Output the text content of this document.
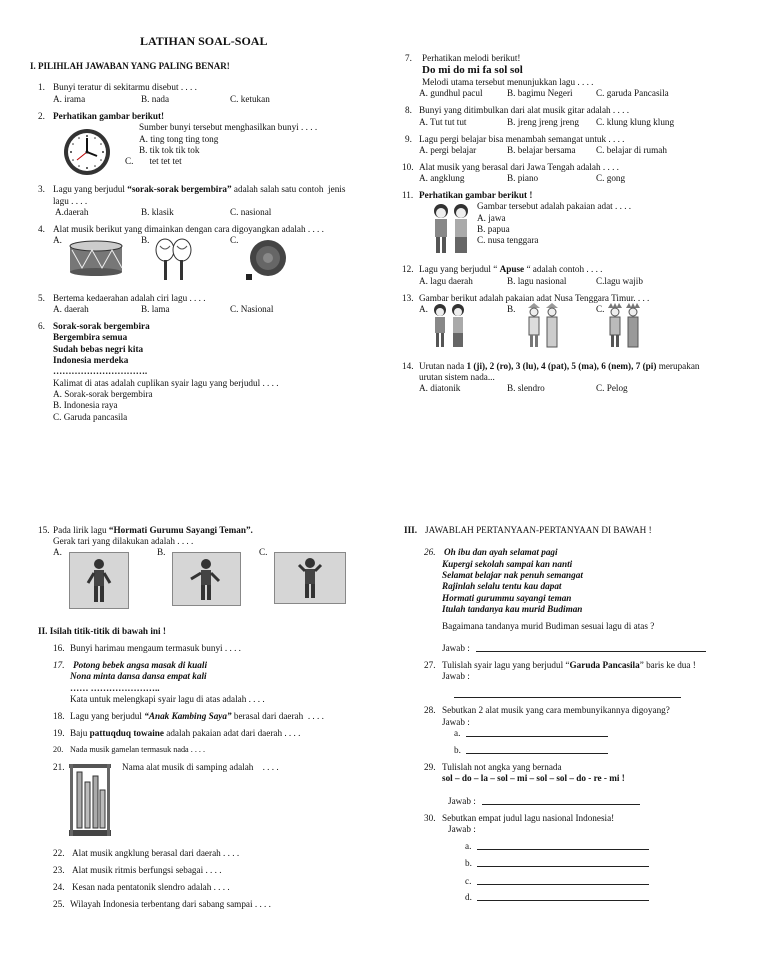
LATIHAN SOAL-SOAL
I. PILIHLAH JAWABAN YANG PALING BENAR!
1. Bunyi teratur di sekitarmu disebut . . . .
A. irama	B. nada	C. ketukan
2. Perhatikan gambar berikut!
Sumber bunyi tersebut menghasilkan bunyi . . . .
A. ting tong ting tong
B. tik tok tik tok
C.       tet tet tet
3. Lagu yang berjudul “sorak-sorak bergembira” adalah salah satu contoh  jenis
lagu . . . .
A.daerah	B. klasik	C. nasional
4. Alat musik berikut yang dimainkan dengan cara digoyangkan adalah . . . .
A.	B.	C.
5. Bertema kedaerahan adalah ciri lagu . . . .
A. daerah	B. lama	C. Nasional
6. Sorak-sorak bergembira
Bergembira semua
Sudah bebas negri kita
Indonesia merdeka
………………………….
Kalimat di atas adalah cuplikan syair lagu yang berjudul . . . .
A. Sorak-sorak bergembira
B. Indonesia raya
C. Garuda pancasila
7. Perhatikan melodi berikut!
Do mi do mi fa sol sol
Melodi utama tersebut menunjukkan lagu . . . .
A. gundhul pacul	B. bagimu Negeri	C. garuda Pancasila
8. Bunyi yang ditimbulkan dari alat musik gitar adalah . . . .
A. Tut tut tut	B. jreng jreng jreng C. klung klung klung
9. Lagu pergi belajar bisa menambah semangat untuk . . . .
A. pergi belajar	B. belajar bersama C. belajar di rumah
10. Alat musik yang berasal dari Jawa Tengah adalah . . . .
A. angklung	B. piano	C. gong
11. Perhatikan gambar berikut !
Gambar tersebut adalah pakaian adat . . . .
A. jawa
B. papua
C. nusa tenggara
12. Lagu yang berjudul “ Apuse “ adalah contoh . . . .
A. lagu daerah	B. lagu nasional	C.lagu wajib
13. Gambar berikut adalah pakaian adat Nusa Tenggara Timur. . . .
A.	B.	C.
14. Urutan nada 1 (ji), 2 (ro), 3 (lu), 4 (pat), 5 (ma), 6 (nem), 7 (pi) merupakan
urutan sistem nada...
A. diatonik	B. slendro	C. Pelog
15. Pada lirik lagu “Hormati Gurumu Sayangi Teman”.
Gerak tari yang dilakukan adalah . . . .
A.	B.	C.
II. Isilah titik-titik di bawah ini !
16. Bunyi harimau mengaum termasuk bunyi . . . .
17. Potong bebek angsa masak di kuali
Nona minta dansa dansa empat kali
…… …………………..
Kata untuk melengkapi syair lagu di atas adalah . . . .
18. Lagu yang berjudul “Anak Kambing Saya” berasal dari daerah  . . . .
19. Baju pattuqduq towaine adalah pakaian adat dari daerah . . . .
20. Nada musik gamelan termasuk nada . . . .
21.	Nama alat musik di samping adalah    . . . .
22. Alat musik angklung berasal dari daerah . . . .
23. Alat musik ritmis berfungsi sebagai . . . .
24. Kesan nada pentatonik slendro adalah . . . .
25. Wilayah Indonesia terbentang dari sabang sampai . . . .
III. JAWABLAH PERTANYAAN-PERTANYAAN DI BAWAH !
26. Oh ibu dan ayah selamat pagi
Kupergi sekolah sampai kan nanti
Selamat belajar nak penuh semangat
Rajinlah selalu tentu kau dapat
Hormati gurummu sayangi teman
Itulah tandanya kau murid Budiman
Bagaimana tandanya murid Budiman sesuai lagu di atas ?
Jawab :
27. Tulislah syair lagu yang berjudul “Garuda Pancasila” baris ke dua !
Jawab :
28. Sebutkan 2 alat musik yang cara membunyikannya digoyang?
Jawab :
a.
b.
29. Tulislah not angka yang bernada
sol – do – la – sol – mi – sol – sol – do - re - mi !
Jawab :
30. Sebutkan empat judul lagu nasional Indonesia!
Jawab :
a.
b.
c.
d.
